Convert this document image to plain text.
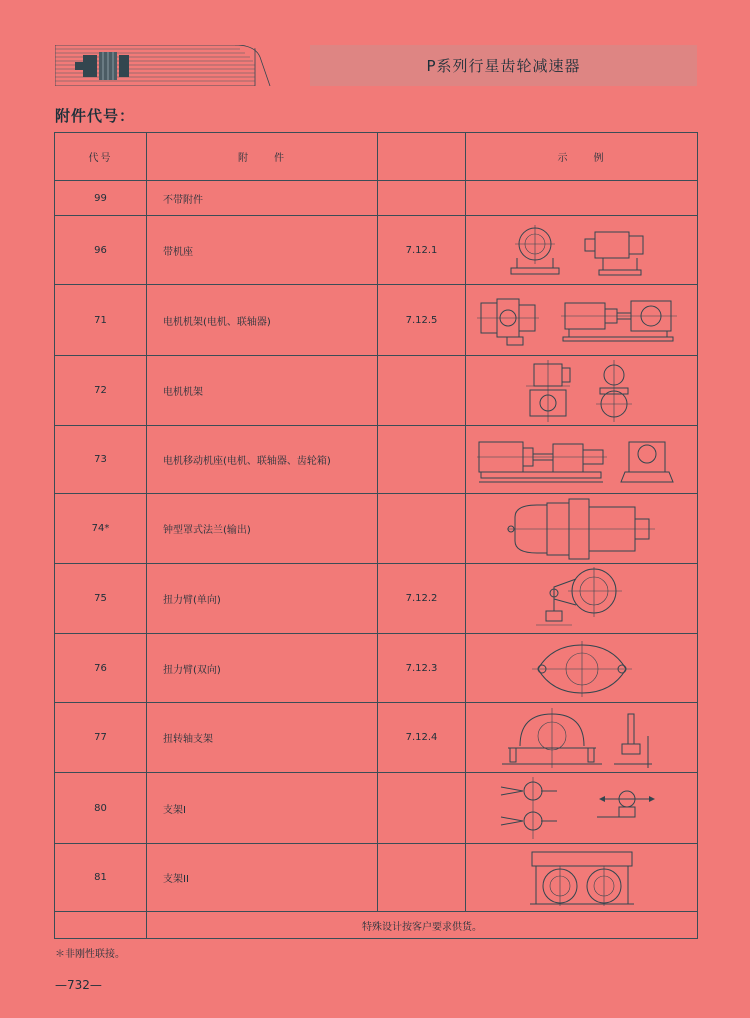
P系列行星齿轮减速器
附件代号：
代号	附　　件		示　　例
99	不带附件		
96	带机座	7.12.1	

71	电机机架(电机、联轴器)	7.12.5	

72	电机机架		

73	电机移动机座(电机、联轴器、齿轮箱)		

74*	钟型罩式法兰(输出)		

75	扭力臂(单向)	7.12.2	

76	扭力臂(双向)	7.12.3	

77	扭转轴支架	7.12.4	

80	支架I		

81	支架II		

	特殊设计按客户要求供货。		
＊非刚性联接。
—732—
